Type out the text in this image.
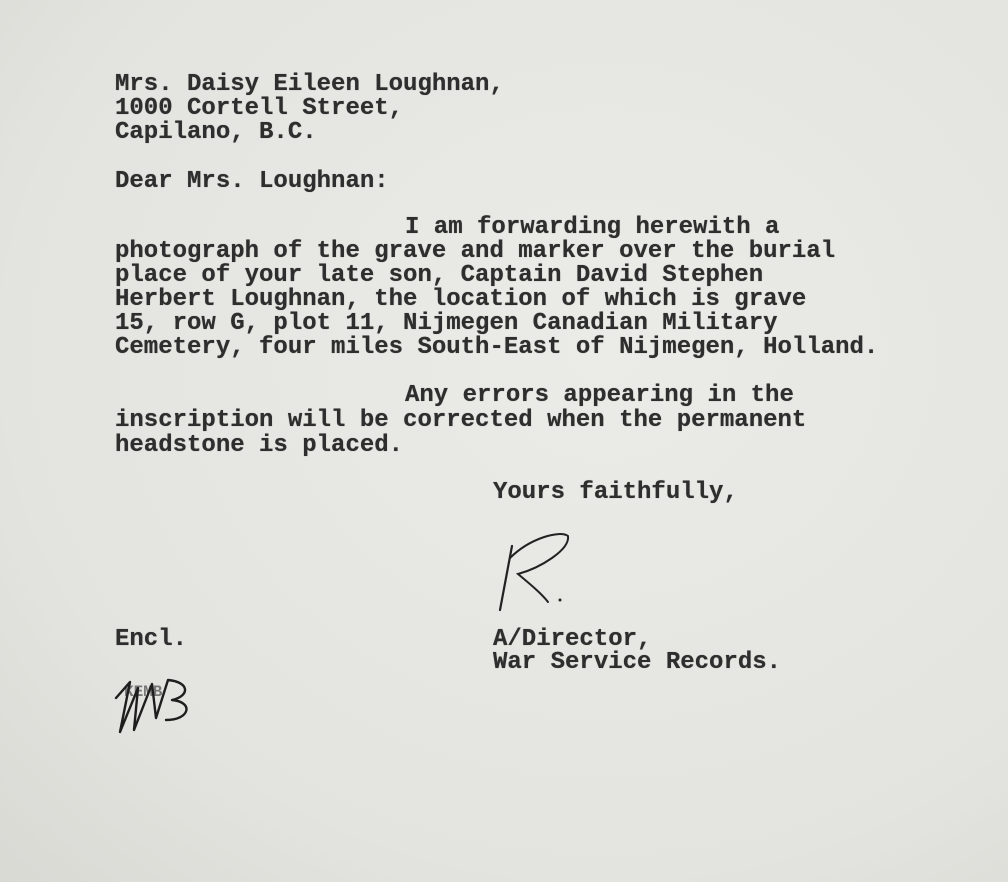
Mrs. Daisy Eileen Loughnan,
1000 Cortell Street,
Capilano, B.C.
Dear Mrs. Loughnan:
I am forwarding herewith a
photograph of the grave and marker over the burial
place of your late son, Captain David Stephen
Herbert Loughnan, the location of which is grave
15, row G, plot 11, Nijmegen Canadian Military
Cemetery, four miles South-East of Nijmegen, Holland.
Any errors appearing in the
inscription will be corrected when the permanent
headstone is placed.
Yours faithfully,
Encl.	A/Director,
War Service Records.
KEMB
